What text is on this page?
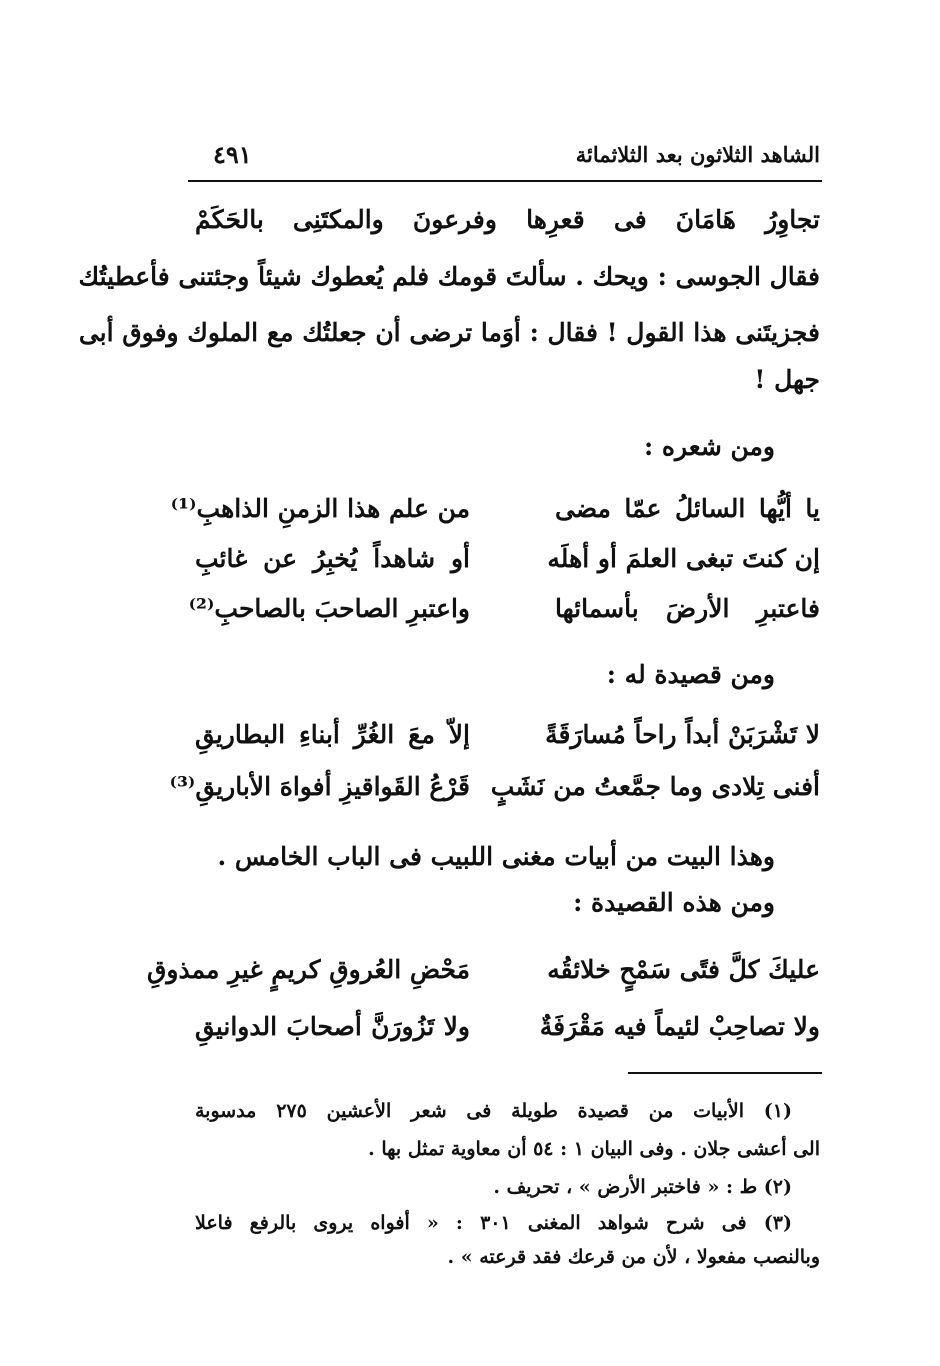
الشاهد الثلاثون بعد الثلاثمائة
٤٩١
تجاوِرُ هَامَانَ فى قعرِها وفرعونَ والمكتَنِى بالحَكَمْ
فقال الجوسى : ويحك . سألتَ قومك فلم يُعطوك شيئاً وجئتنى فأعطيتُك
فجزيتَنى هذا القول ! فقال : أوَما ترضى أن جعلتُك مع الملوك وفوق أبى
جهل !
ومن شعره :
يا أيُّها السائلُ عمّا مضى
من علم هذا الزمنِ الذاهبِ⁽¹⁾
إن كنتَ تبغى العلمَ أو أهلَه
أو شاهداً يُخبِرُ عن غائبِ
فاعتبرِ الأرضَ بأسمائها
واعتبرِ الصاحبَ بالصاحبِ⁽²⁾
ومن قصيدة له :
لا تَشْرَبَنْ أبداً راحاً مُسارَقَةً
إلاّ معَ الغُرِّ أبناءِ البطاريقِ
أفنى تِلادى وما جمَّعتُ من نَشَبٍ
قَرْعُ القَواقيزِ أفواهَ الأباريقِ⁽³⁾
وهذا البيت من أبيات مغنى اللبيب فى الباب الخامس .
ومن هذه القصيدة :
عليكَ كلَّ فتًى سَمْحٍ خلائقُه
مَحْضِ العُروقِ كريمٍ غيرِ ممذوقِ
ولا تصاحِبْ لئيماً فيه مَقْرَفَةٌ
ولا تَزُورَنَّ أصحابَ الدوانيقِ
(١) الأبيات من قصيدة طويلة فى شعر الأعشين ٢٧٥ مدسوبة
الى أعشى جلان . وفى البيان ١ : ٥٤ أن معاوية تمثل بها .
(٢) ط : « فاختبر الأرض » ، تحريف .
(٣) فى شرح شواهد المغنى ٣٠١ : « أفواه يروى بالرفع فاعلا
وبالنصب مفعولا ، لأن من قرعك فقد قرعته » .
